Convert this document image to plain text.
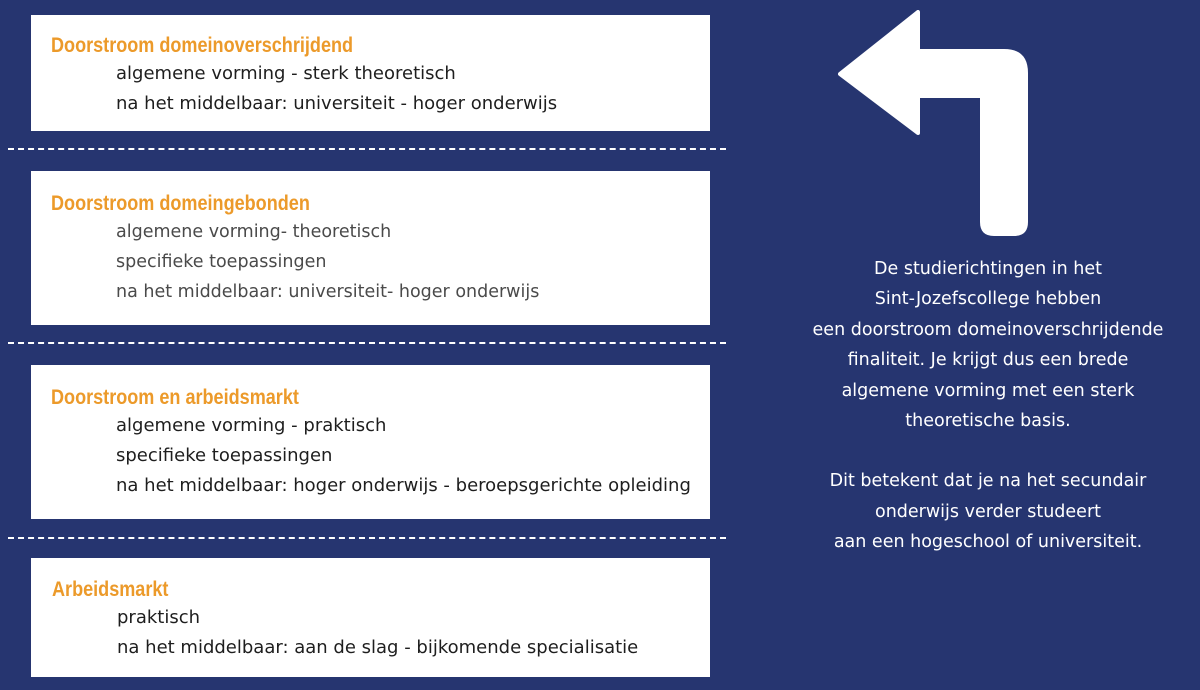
Doorstroom domeinoverschrijdend
algemene vorming - sterk theoretisch
na het middelbaar: universiteit - hoger onderwijs
Doorstroom domeingebonden
algemene vorming- theoretisch
specifieke toepassingen
na het middelbaar: universiteit- hoger onderwijs
Doorstroom en arbeidsmarkt
algemene vorming - praktisch
specifieke toepassingen
na het middelbaar: hoger onderwijs - beroepsgerichte opleiding
Arbeidsmarkt
praktisch
na het middelbaar: aan de slag - bijkomende specialisatie

De studierichtingen in het

Sint-Jozefscollege hebben

een doorstroom domeinoverschrijdende

finaliteit. Je krijgt dus een brede

algemene vorming met een sterk

theoretische basis.

Dit betekent dat je na het secundair

onderwijs verder studeert

aan een hogeschool of universiteit.
